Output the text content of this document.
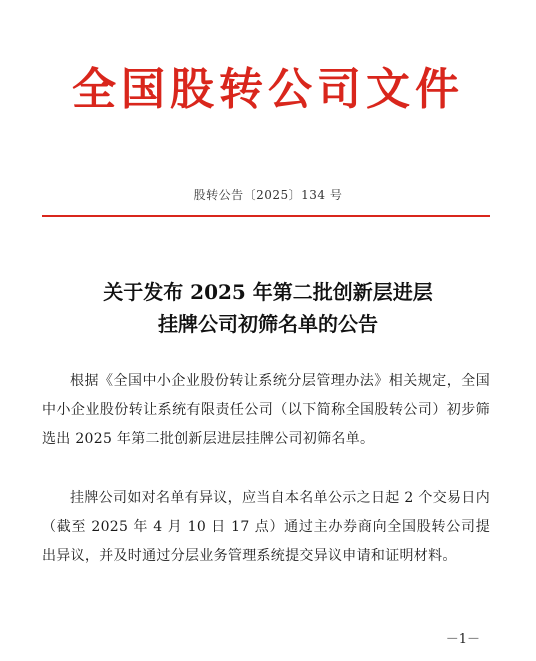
全国股转公司文件
股转公告〔2025〕134 号
关于发布 2025 年第二批创新层进层
挂牌公司初筛名单的公告
根据《全国中小企业股份转让系统分层管理办法》相关规定，全国中小企业股份转让系统有限责任公司（以下简称全国股转公司）初步筛选出 2025 年第二批创新层进层挂牌公司初筛名单。
挂牌公司如对名单有异议，应当自本名单公示之日起 2 个交易日内（截至 2025 年 4 月 10 日 17 点）通过主办券商向全国股转公司提出异议，并及时通过分层业务管理系统提交异议申请和证明材料。
－1－
